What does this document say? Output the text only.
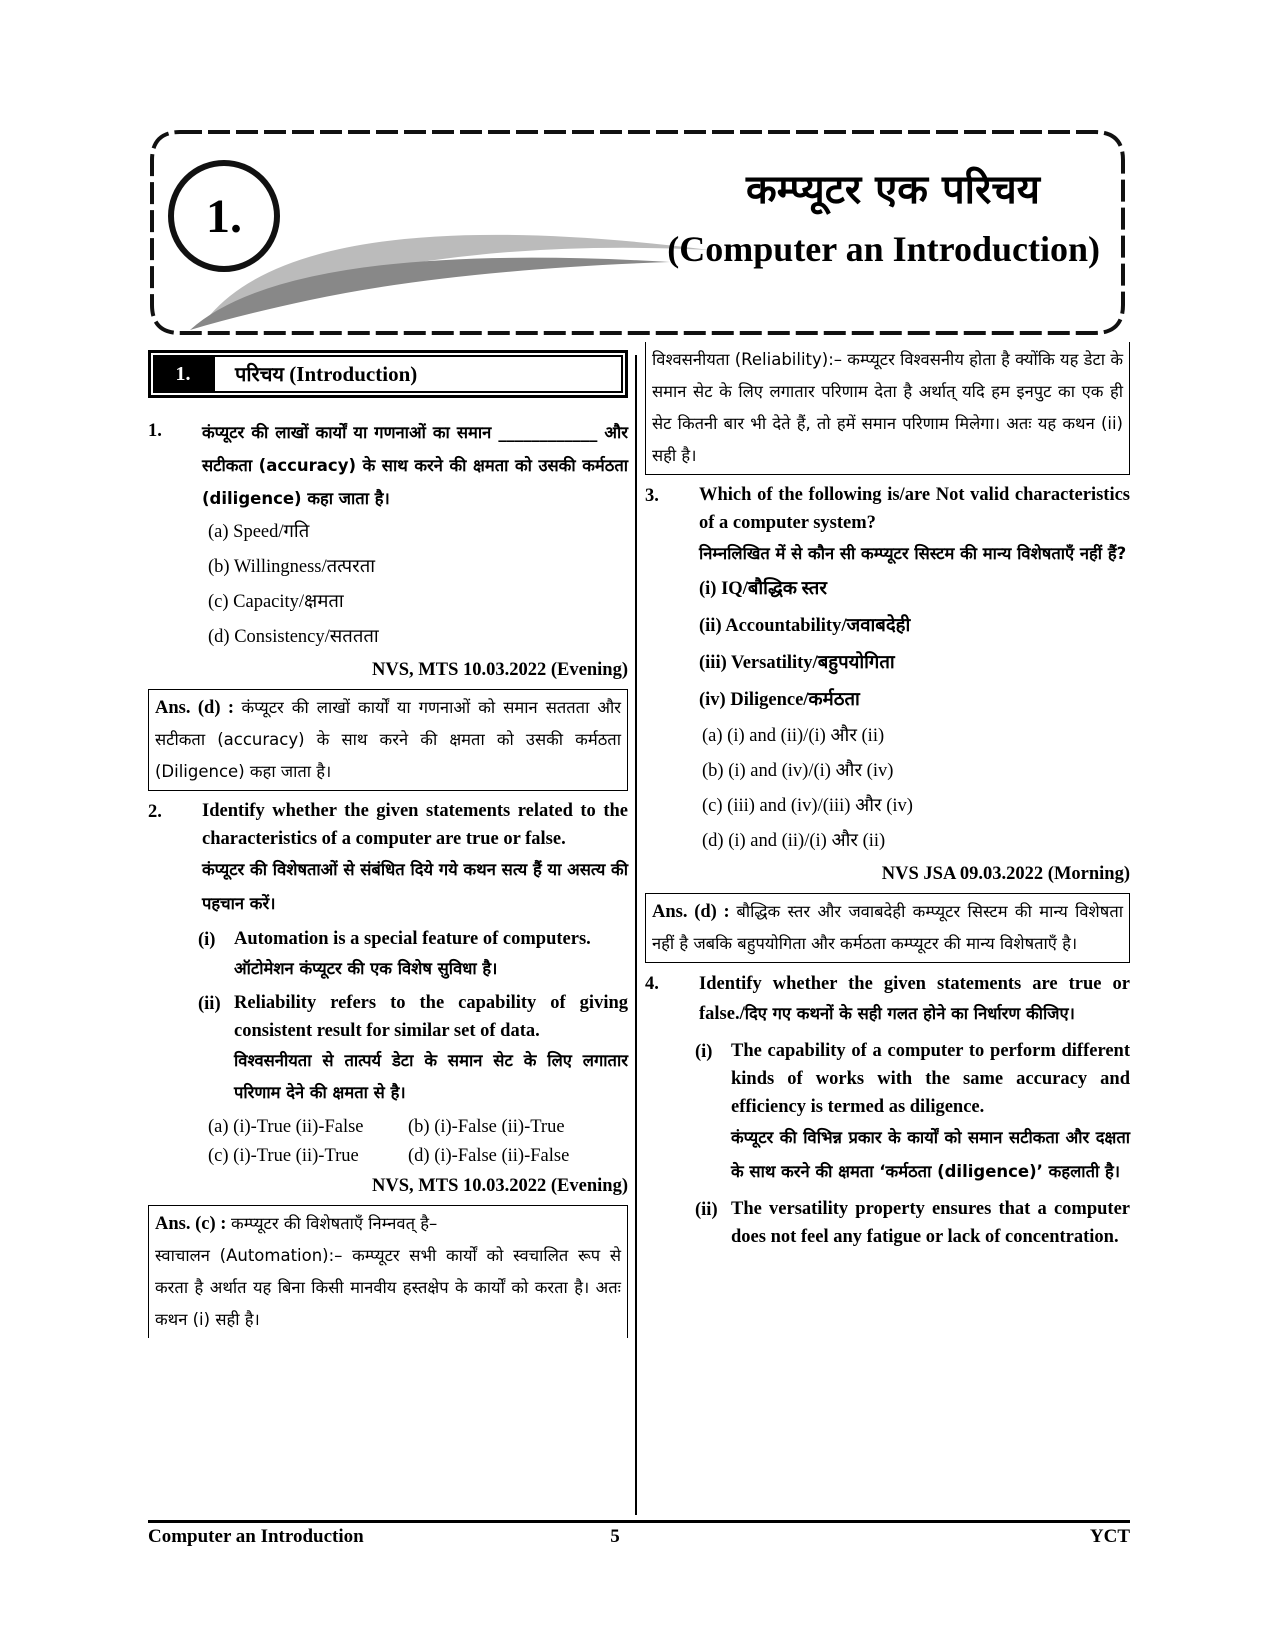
1.	कम्प्यूटर एक परिचय
(Computer an Introduction)
1.	परिचय
(Introduction)
1.	कंप्यूटर की लाखों कार्यों या गणनाओं का समान ____________ और सटीकता (accuracy) के साथ करने की क्षमता को उसकी कर्मठता (diligence) कहा जाता है।
(a) Speed/गति
(b) Willingness/तत्परता
(c) Capacity/क्षमता
(d) Consistency/सततता
NVS, MTS 10.03.2022 (Evening)
Ans. (d) : कंप्यूटर की लाखों कार्यों या गणनाओं को समान सततता और सटीकता (accuracy) के साथ करने की क्षमता को उसकी कर्मठता (Diligence) कहा जाता है।
2.	Identify whether the given statements related to the characteristics of a computer are true or false.
कंप्यूटर की विशेषताओं से संबंधित दिये गये कथन सत्य हैं या असत्य की पहचान करें।
(i)	Automation is a special feature of computers.
ऑटोमेशन कंप्यूटर की एक विशेष सुविधा है।
(ii) Reliability refers to the capability of giving consistent result for similar set of data.
विश्वसनीयता से तात्पर्य डेटा के समान सेट के लिए लगातार परिणाम देने की क्षमता से है।
(a) (i)-True (ii)-False	(b) (i)-False (ii)-True
(c) (i)-True (ii)-True	(d) (i)-False (ii)-False
NVS, MTS 10.03.2022 (Evening)
Ans. (c) : कम्प्यूटर की विशेषताएँ निम्नवत् है–
स्वाचालन (Automation):– कम्प्यूटर सभी कार्यों को स्वचालित रूप से करता है अर्थात यह बिना किसी मानवीय हस्तक्षेप के कार्यों को करता है। अतः कथन (i) सही है।
विश्वसनीयता (Reliability):– कम्प्यूटर विश्वसनीय होता है क्योंकि यह डेटा के समान सेट के लिए लगातार परिणाम देता है अर्थात् यदि हम इनपुट का एक ही सेट कितनी बार भी देते हैं, तो हमें समान परिणाम मिलेगा। अतः यह कथन (ii) सही है।
3.	Which of the following is/are Not valid characteristics of a computer system?
निम्नलिखित में से कौन सी कम्प्यूटर सिस्टम की मान्य विशेषताएँ नहीं हैं?
(i) IQ/बौद्धिक स्तर
(ii) Accountability/जवाबदेही
(iii) Versatility/बहुपयोगिता
(iv) Diligence/कर्मठता
(a) (i) and (ii)/(i) और (ii)
(b) (i) and (iv)/(i) और (iv)
(c) (iii) and (iv)/(iii) और (iv)
(d) (i) and (ii)/(i) और (ii)
NVS JSA 09.03.2022 (Morning)
Ans. (d) : बौद्धिक स्तर और जवाबदेही कम्प्यूटर सिस्टम की मान्य विशेषता नहीं है जबकि बहुपयोगिता और कर्मठता कम्प्यूटर की मान्य विशेषताएँ है।
4.	Identify whether the given statements are true or false./दिए गए कथनों के सही गलत होने का निर्धारण कीजिए।
(i)	The capability of a computer to perform different kinds of works with the same accuracy and efficiency is termed as diligence.
कंप्यूटर की विभिन्न प्रकार के कार्यों को समान सटीकता और दक्षता के साथ करने की क्षमता ‘कर्मठता (diligence)’ कहलाती है।
(ii) The versatility property ensures that a computer does not feel any fatigue or lack of concentration.
Computer an Introduction	5	YCT
